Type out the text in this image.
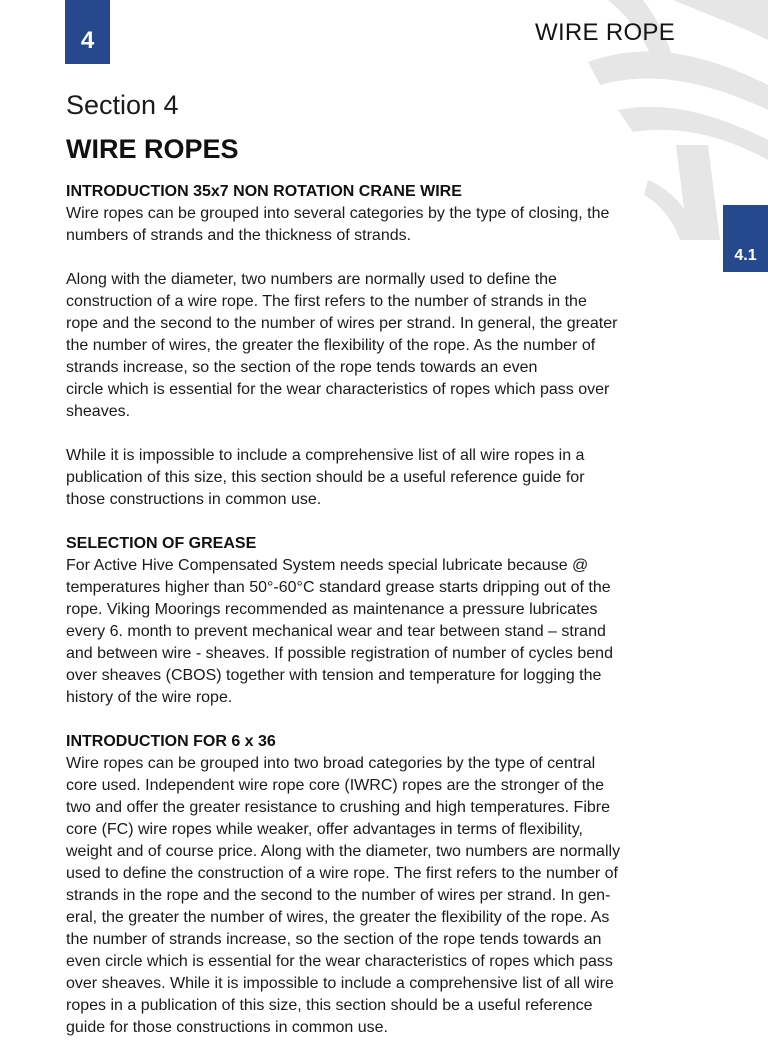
4	WIRE ROPE
4.1
Section 4
WIRE ROPES
INTRODUCTION 35x7 NON ROTATION CRANE WIRE

Wire ropes can be grouped into several categories by the type of closing, the
numbers of strands and the thickness of strands.

Along with the diameter, two numbers are normally used to define the
construction of a wire rope. The first refers to the number of strands in the
rope and the second to the number of wires per strand. In general, the greater
the number of wires, the greater the flexibility of the rope. As the number of
strands increase, so the section of the rope tends towards an even
circle which is essential for the wear characteristics of ropes which pass over
sheaves.

While it is impossible to include a comprehensive list of all wire ropes in a
publication of this size, this section should be a useful reference guide for
those constructions in common use.

SELECTION OF GREASE

For Active Hive Compensated System needs special lubricate because @
temperatures higher than 50°-60°C standard grease starts dripping out of the
rope. Viking Moorings recommended as maintenance a pressure lubricates
every 6. month to prevent mechanical wear and tear between stand – strand
and between wire - sheaves. If possible registration of number of cycles bend
over sheaves (CBOS) together with tension and temperature for logging the
history of the wire rope.

INTRODUCTION FOR 6 x 36

Wire ropes can be grouped into two broad categories by the type of central
core used. Independent wire rope core (IWRC) ropes are the stronger of the
two and offer the greater resistance to crushing and high temperatures. Fibre
core (FC) wire ropes while weaker, offer advantages in terms of flexibility,
weight and of course price. Along with the diameter, two numbers are normally
used to define the construction of a wire rope. The first refers to the number of
strands in the rope and the second to the number of wires per strand. In gen-
eral, the greater the number of wires, the greater the flexibility of the rope. As
the number of strands increase, so the section of the rope tends towards an
even circle which is essential for the wear characteristics of ropes which pass
over sheaves. While it is impossible to include a comprehensive list of all wire
ropes in a publication of this size, this section should be a useful reference
guide for those constructions in common use.
